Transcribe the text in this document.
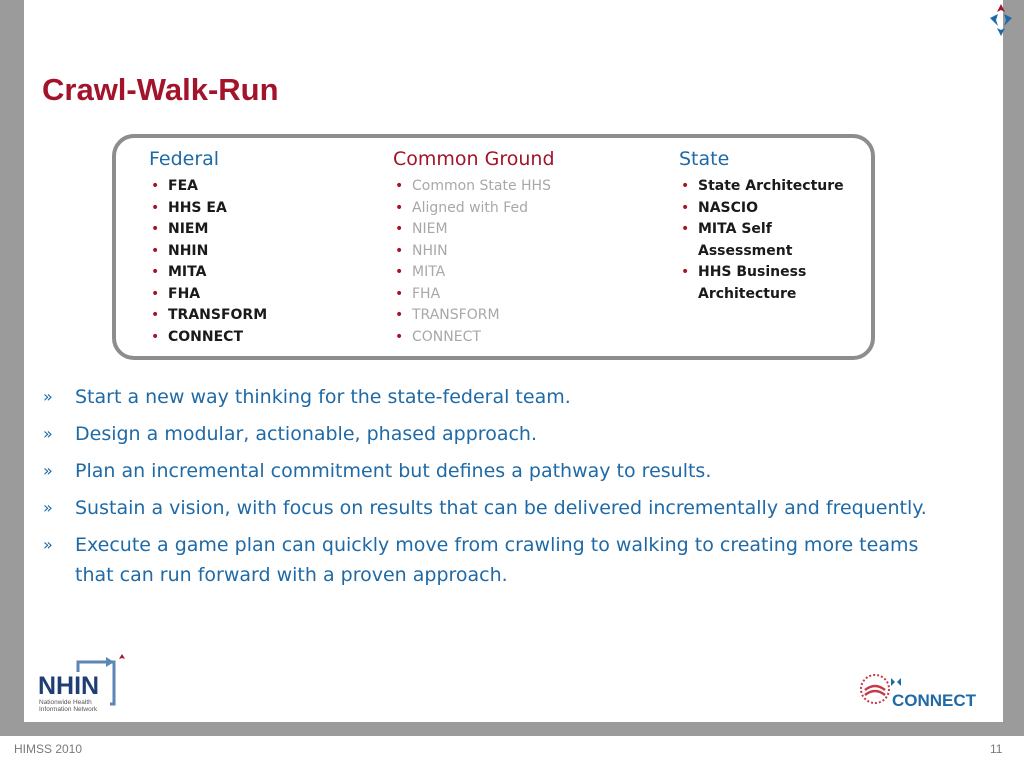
Crawl-Walk-Run
Federal
• FEA
• HHS EA
• NIEM
• NHIN
• MITA
• FHA
• TRANSFORM
• CONNECT
Common Ground
• Common State HHS
• Aligned with Fed
• NIEM
• NHIN
• MITA
• FHA
• TRANSFORM
• CONNECT
State
• State Architecture
• NASCIO
• MITA Self Assessment
• HHS Business Architecture
» Start a new way thinking for the state-federal team.
» Design a modular, actionable, phased approach.
» Plan an incremental commitment but defines a pathway to results.
» Sustain a vision, with focus on results that can be delivered incrementally and frequently.
» Execute a game plan can quickly move from crawling to walking to creating more teams that can run forward with a proven approach.
NHIN
Nationwide Health
Information Network	CONNECT
HIMSS 2010	11
